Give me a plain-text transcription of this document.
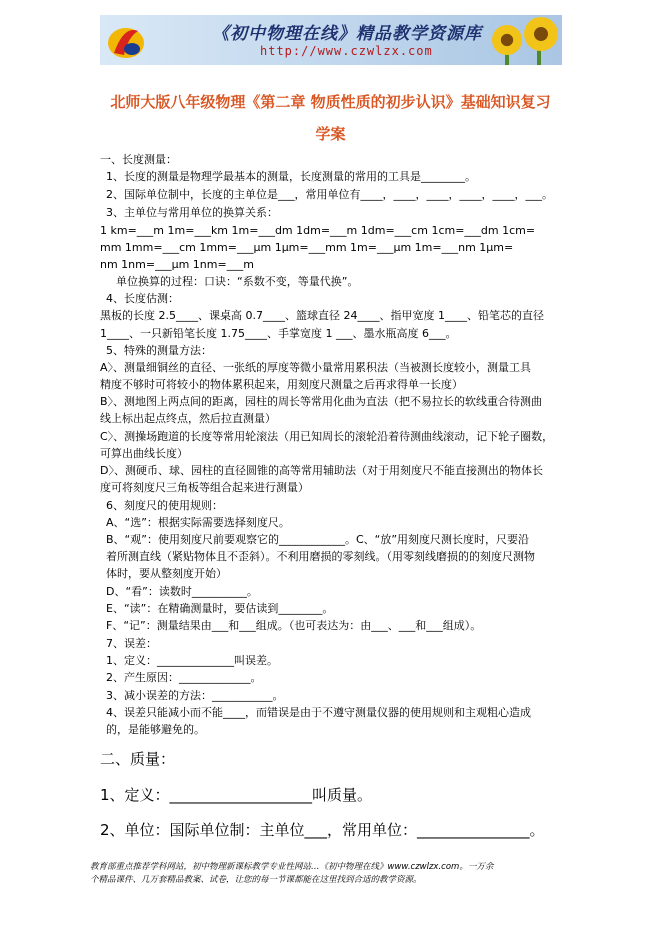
《初中物理在线》精品教学资源库
http://www.czwlzx.com
北师大版八年级物理《第二章 物质性质的初步认识》基础知识复习
学案
一、长度测量：
1、长度的测量是物理学最基本的测量，长度测量的常用的工具是________。
2、国际单位制中，长度的主单位是___，常用单位有____，____，____，____，____，___。
3、主单位与常用单位的换算关系：
1 km=___m 1m=___km 1m=___dm 1dm=___m 1dm=___cm 1cm=___dm 1cm=
mm 1mm=___cm 1mm=___μm 1μm=___mm 1m=___μm 1m=___nm 1μm=
nm 1nm=___μm 1nm=___m
单位换算的过程：口诀：“系数不变，等量代换”。
4、长度估测：
黑板的长度 2.5____、课桌高 0.7____、篮球直径 24____、指甲宽度 1____、铅笔芯的直径
1____、一只新铅笔长度 1.75____、手掌宽度 1 ___、墨水瓶高度 6___。
5、特殊的测量方法：
A〉、测量细铜丝的直径、一张纸的厚度等微小量常用累积法（当被测长度较小，测量工具
精度不够时可将较小的物体累积起来，用刻度尺测量之后再求得单一长度）
B〉、测地图上两点间的距离，园柱的周长等常用化曲为直法（把不易拉长的软线重合待测曲
线上标出起点终点，然后拉直测量）
C〉、测操场跑道的长度等常用轮滚法（用已知周长的滚轮沿着待测曲线滚动，记下轮子圈数，
可算出曲线长度）
D〉、测硬币、球、园柱的直径圆锥的高等常用辅助法（对于用刻度尺不能直接测出的物体长
度可将刻度尺三角板等组合起来进行测量）
6、刻度尺的使用规则：
A、“选”：根据实际需要选择刻度尺。
B、“观”：使用刻度尺前要观察它的____________。C、“放”用刻度尺测长度时，尺要沿
着所测直线（紧贴物体且不歪斜）。不利用磨损的零刻线。（用零刻线磨损的的刻度尺测物
体时，要从整刻度开始）
D、“看”：读数时__________。
E、“读”：在精确测量时，要估读到________。
F、“记”：测量结果由___和___组成。（也可表达为：由___、___和___组成）。
7、误差：
1、定义：______________叫误差。
2、产生原因：_____________。
3、减小误差的方法：___________。
4、误差只能减小而不能____，而错误是由于不遵守测量仪器的使用规则和主观粗心造成
的，是能够避免的。
二、质量：
1、定义：___________________叫质量。
2、单位：国际单位制：主单位___，常用单位：_______________。
教育部重点推荐学科网站，初中物理新课标教学专业性网站…《初中物理在线》www.czwlzx.com。一万余
个精品课件、几万套精品教案、试卷，让您的每一节课都能在这里找到合适的教学资源。
